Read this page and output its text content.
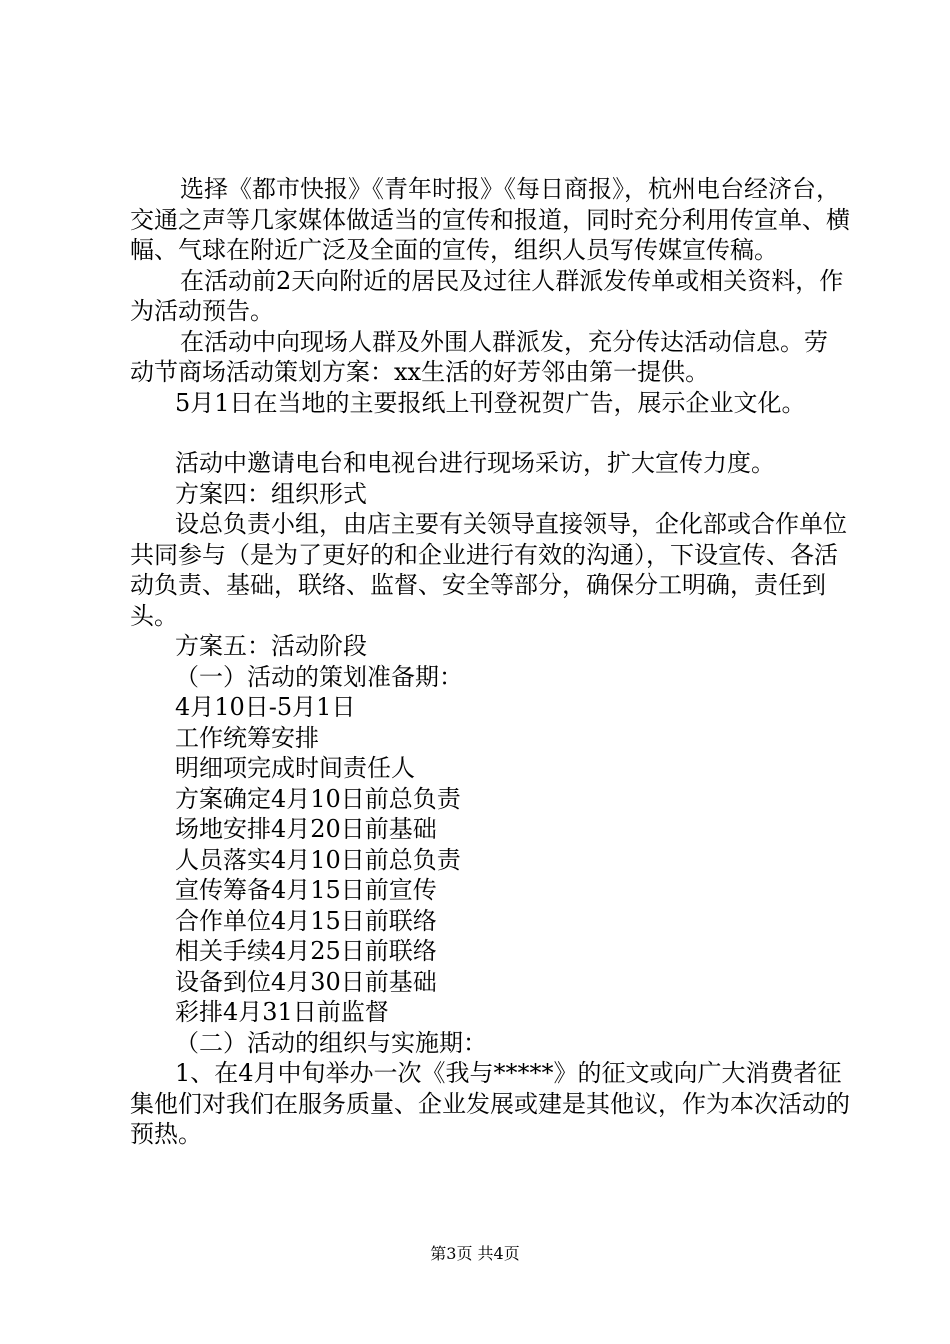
选择《都市快报》《青年时报》《每日商报》，杭州电台经济台，交通之声等几家媒体做适当的宣传和报道，同时充分利用传宣单、横幅、气球在附近广泛及全面的宣传，组织人员写传媒宣传稿。

在活动前2天向附近的居民及过往人群派发传单或相关资料，作为活动预告。

在活动中向现场人群及外围人群派发，充分传达活动信息。劳动节商场活动策划方案：xx生活的好芳邻由第一提供。

5月1日在当地的主要报纸上刊登祝贺广告，展示企业文化。

活动中邀请电台和电视台进行现场采访，扩大宣传力度。

方案四：组织形式

设总负责小组，由店主要有关领导直接领导，企化部或合作单位共同参与（是为了更好的和企业进行有效的沟通），下设宣传、各活动负责、基础，联络、监督、安全等部分，确保分工明确，责任到头。

方案五：活动阶段

（一）活动的策划准备期：

4月10日-5月1日

工作统筹安排

明细项完成时间责任人

方案确定4月10日前总负责

场地安排4月20日前基础

人员落实4月10日前总负责

宣传筹备4月15日前宣传

合作单位4月15日前联络

相关手续4月25日前联络

设备到位4月30日前基础

彩排4月31日前监督

（二）活动的组织与实施期：

1、在4月中旬举办一次《我与*****》的征文或向广大消费者征集他们对我们在服务质量、企业发展或建是其他议，作为本次活动的预热。

第3页 共4页
